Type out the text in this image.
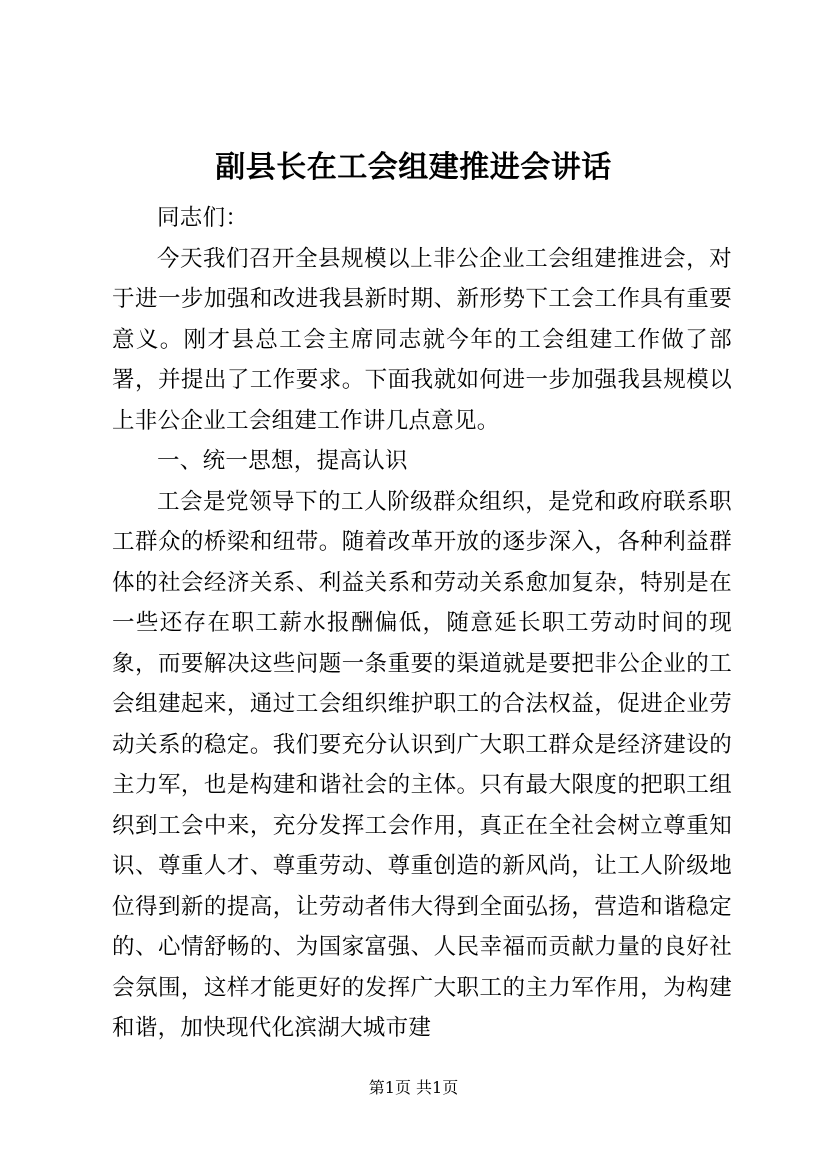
副县长在工会组建推进会讲话

同志们：

今天我们召开全县规模以上非公企业工会组建推进会，对于进一步加强和改进我县新时期、新形势下工会工作具有重要意义。刚才县总工会主席同志就今年的工会组建工作做了部署，并提出了工作要求。下面我就如何进一步加强我县规模以上非公企业工会组建工作讲几点意见。

一、统一思想，提高认识

工会是党领导下的工人阶级群众组织，是党和政府联系职工群众的桥梁和纽带。随着改革开放的逐步深入，各种利益群体的社会经济关系、利益关系和劳动关系愈加复杂，特别是在一些还存在职工薪水报酬偏低，随意延长职工劳动时间的现象，而要解决这些问题一条重要的渠道就是要把非公企业的工会组建起来，通过工会组织维护职工的合法权益，促进企业劳动关系的稳定。我们要充分认识到广大职工群众是经济建设的主力军，也是构建和谐社会的主体。只有最大限度的把职工组织到工会中来，充分发挥工会作用，真正在全社会树立尊重知识、尊重人才、尊重劳动、尊重创造的新风尚，让工人阶级地位得到新的提高，让劳动者伟大得到全面弘扬，营造和谐稳定的、心情舒畅的、为国家富强、人民幸福而贡献力量的良好社会氛围，这样才能更好的发挥广大职工的主力军作用，为构建和谐，加快现代化滨湖大城市建

第1页 共1页
